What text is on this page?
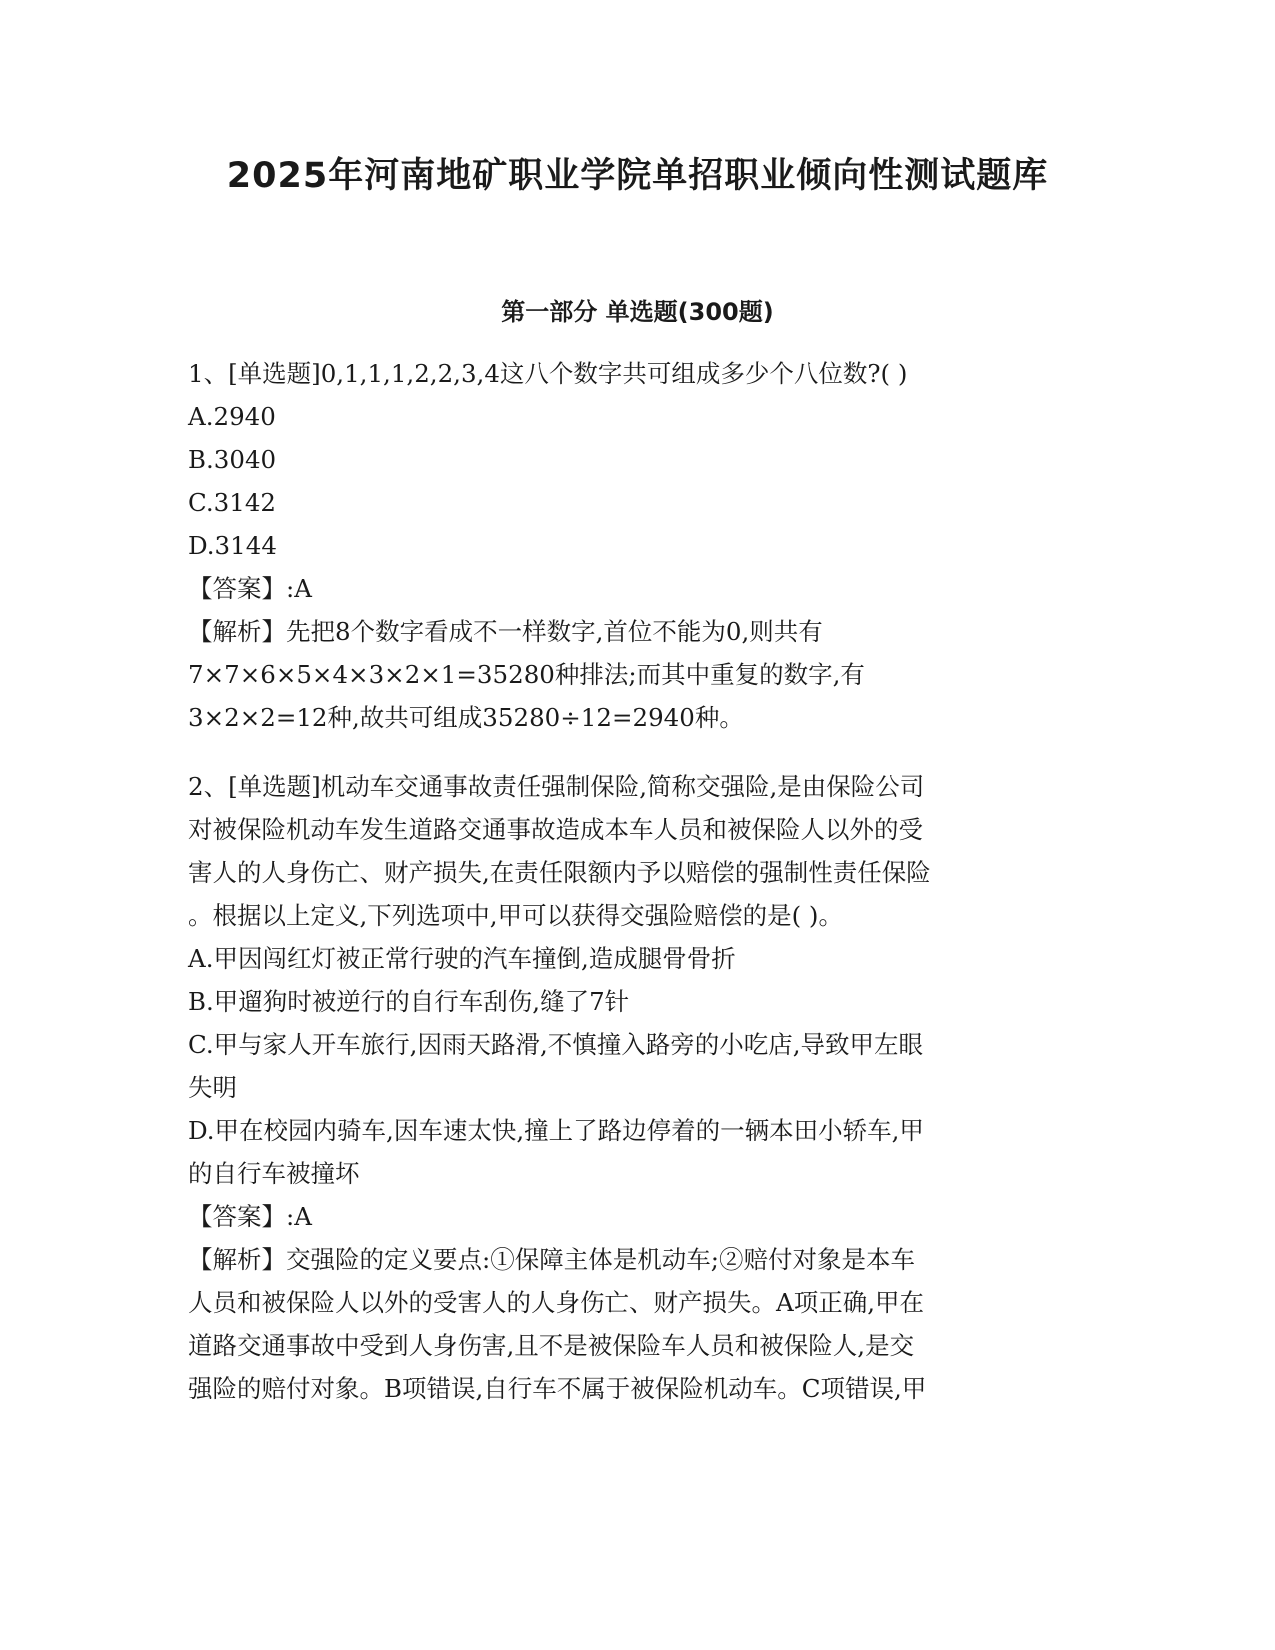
2025年河南地矿职业学院单招职业倾向性测试题库
第一部分 单选题(300题)
1、[单选题]0,1,1,1,2,2,3,4这八个数字共可组成多少个八位数?( )
A.2940
B.3040
C.3142
D.3144
【答案】:A
【解析】先把8个数字看成不一样数字,首位不能为0,则共有
7×7×6×5×4×3×2×1=35280种排法;而其中重复的数字,有
3×2×2=12种,故共可组成35280÷12=2940种。
2、[单选题]机动车交通事故责任强制保险,简称交强险,是由保险公司
对被保险机动车发生道路交通事故造成本车人员和被保险人以外的受
害人的人身伤亡、财产损失,在责任限额内予以赔偿的强制性责任保险
。根据以上定义,下列选项中,甲可以获得交强险赔偿的是( )。
A.甲因闯红灯被正常行驶的汽车撞倒,造成腿骨骨折
B.甲遛狗时被逆行的自行车刮伤,缝了7针
C.甲与家人开车旅行,因雨天路滑,不慎撞入路旁的小吃店,导致甲左眼
失明
D.甲在校园内骑车,因车速太快,撞上了路边停着的一辆本田小轿车,甲
的自行车被撞坏
【答案】:A
【解析】交强险的定义要点:①保障主体是机动车;②赔付对象是本车
人员和被保险人以外的受害人的人身伤亡、财产损失。A项正确,甲在
道路交通事故中受到人身伤害,且不是被保险车人员和被保险人,是交
强险的赔付对象。B项错误,自行车不属于被保险机动车。C项错误,甲
